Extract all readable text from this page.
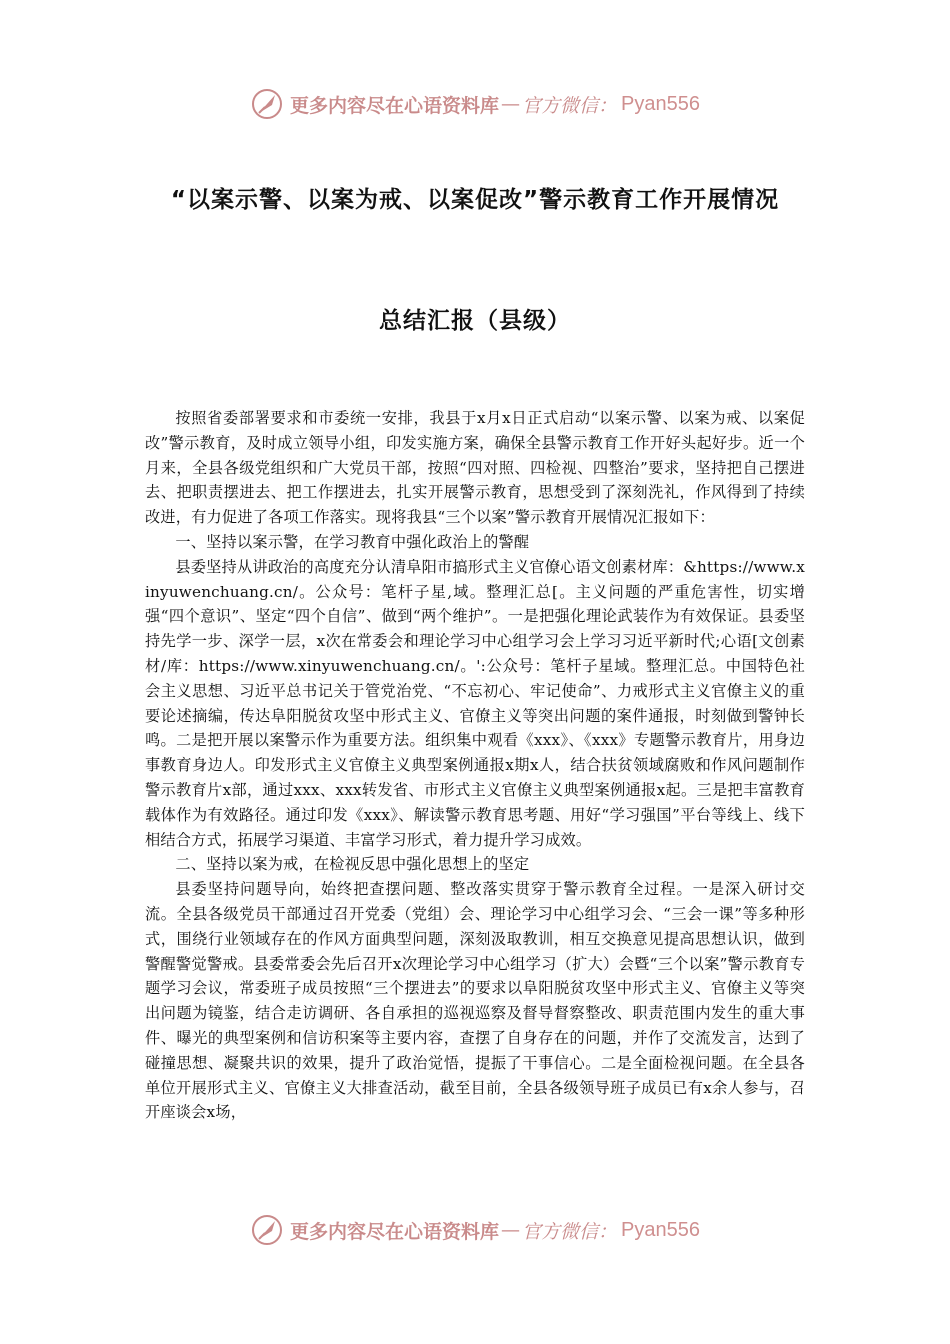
更多内容尽在心语资料库 — 官方微信： Pyan556
“以案示警、以案为戒、以案促改”警示教育工作开展情况
总结汇报（县级）

按照省委部署要求和市委统一安排，我县于x月x日正式启动“以案示警、以案为戒、以案促改”警示教育，及时成立领导小组，印发实施方案，确保全县警示教育工作开好头起好步。近一个月来，全县各级党组织和广大党员干部，按照“四对照、四检视、四整治”要求，坚持把自己摆进去、把职责摆进去、把工作摆进去，扎实开展警示教育，思想受到了深刻洗礼，作风得到了持续改进，有力促进了各项工作落实。现将我县“三个以案”警示教育开展情况汇报如下：

一、坚持以案示警，在学习教育中强化政治上的警醒

县委坚持从讲政治的高度充分认清阜阳市搞形式主义官僚心语文创素材库：&https://www.xinyuwenchuang.cn/。公众号：笔杆子星,域。整理汇总[。主义问题的严重危害性，切实增强“四个意识”、坚定“四个自信”、做到“两个维护”。一是把强化理论武装作为有效保证。县委坚持先学一步、深学一层，x次在常委会和理论学习中心组学习会上学习习近平新时代;心语[文创素材/库：https://www.xinyuwenchuang.cn/。':公众号：笔杆子星域。整理汇总。中国特色社会主义思想、习近平总书记关于管党治党、“不忘初心、牢记使命”、力戒形式主义官僚主义的重要论述摘编，传达阜阳脱贫攻坚中形式主义、官僚主义等突出问题的案件通报，时刻做到警钟长鸣。二是把开展以案警示作为重要方法。组织集中观看《xxx》、《xxx》专题警示教育片，用身边事教育身边人。印发形式主义官僚主义典型案例通报x期x人，结合扶贫领域腐败和作风问题制作警示教育片x部，通过xxx、xxx转发省、市形式主义官僚主义典型案例通报x起。三是把丰富教育载体作为有效路径。通过印发《xxx》、解读警示教育思考题、用好“学习强国”平台等线上、线下相结合方式，拓展学习渠道、丰富学习形式，着力提升学习成效。

二、坚持以案为戒，在检视反思中强化思想上的坚定

县委坚持问题导向，始终把查摆问题、整改落实贯穿于警示教育全过程。一是深入研讨交流。全县各级党员干部通过召开党委（党组）会、理论学习中心组学习会、“三会一课”等多种形式，围绕行业领域存在的作风方面典型问题，深刻汲取教训，相互交换意见提高思想认识，做到警醒警觉警戒。县委常委会先后召开x次理论学习中心组学习（扩大）会暨“三个以案”警示教育专题学习会议，常委班子成员按照“三个摆进去”的要求以阜阳脱贫攻坚中形式主义、官僚主义等突出问题为镜鉴，结合走访调研、各自承担的巡视巡察及督导督察整改、职责范围内发生的重大事件、曝光的典型案例和信访积案等主要内容，查摆了自身存在的问题，并作了交流发言，达到了碰撞思想、凝聚共识的效果，提升了政治觉悟，提振了干事信心。二是全面检视问题。在全县各单位开展形式主义、官僚主义大排查活动，截至目前，全县各级领导班子成员已有x余人参与，召开座谈会x场，

更多内容尽在心语资料库 — 官方微信： Pyan556
